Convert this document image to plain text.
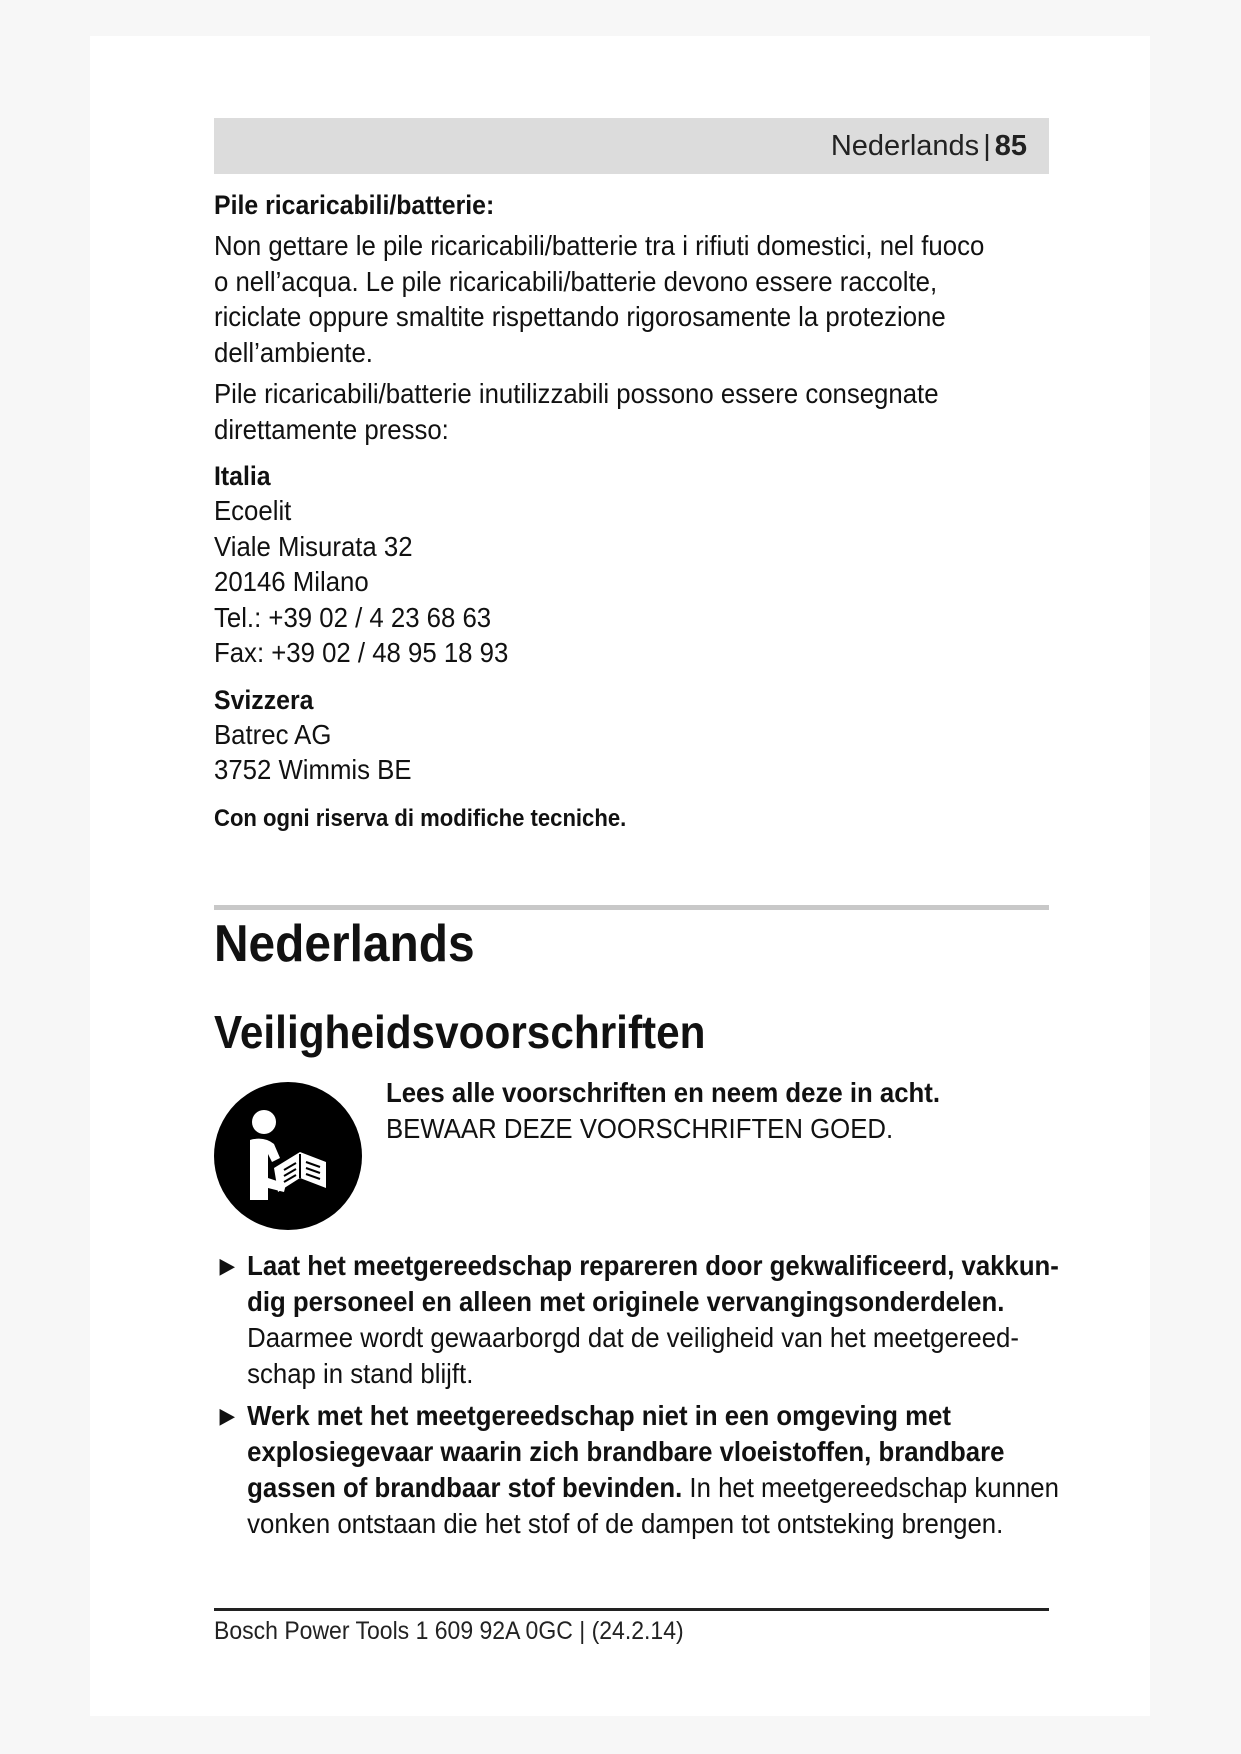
Nederlands | 85

Pile ricaricabili/batterie:

Non gettare le pile ricaricabili/batterie tra i rifiuti domestici, nel fuoco o nell’acqua. Le pile ricaricabili/batterie devono essere raccolte, riciclate oppure smaltite rispettando rigorosamente la protezione dell’ambiente.

Pile ricaricabili/batterie inutilizzabili possono essere consegnate direttamente presso:

Italia

Ecoelit

Viale Misurata 32

20146 Milano

Tel.: +39 02 / 4 23 68 63

Fax: +39 02 / 48 95 18 93

Svizzera

Batrec AG

3752 Wimmis BE

Con ogni riserva di modifiche tecniche.

Nederlands
Veiligheidsvoorschriften
Lees alle voorschriften en neem deze in acht. BEWAAR DEZE VOORSCHRIFTEN GOED.
▶ Laat het meetgereedschap repareren door gekwalificeerd, vakkundig personeel en alleen met originele vervangingsonderdelen.
Daarmee wordt gewaarborgd dat de veiligheid van het meetgereedschap in stand blijft.
▶ Werk met het meetgereedschap niet in een omgeving met explosiegevaar waarin zich brandbare vloeistoffen, brandbare gassen of brandbaar stof bevinden. In het meetgereedschap kunnen vonken ontstaan die het stof of de dampen tot ontsteking brengen.
Bosch Power Tools 1 609 92A 0GC | (24.2.14)
